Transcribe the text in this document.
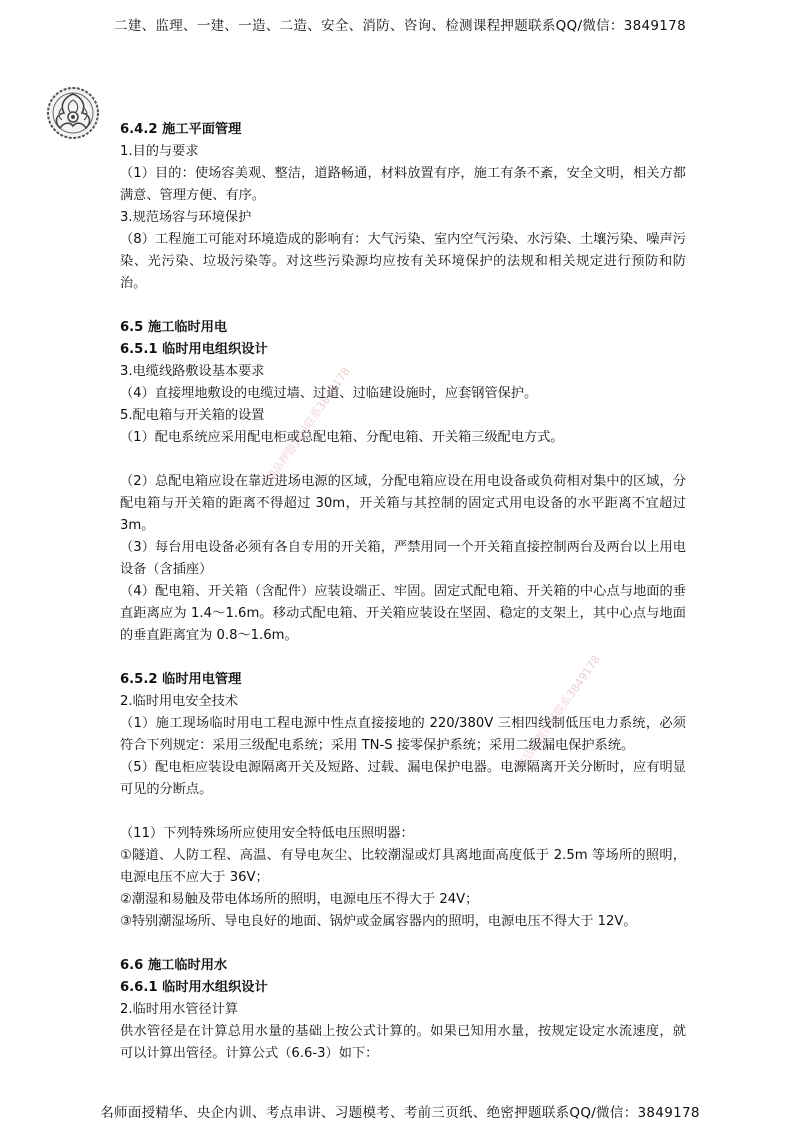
二建、监理、一建、一造、二造、安全、消防、咨询、检测课程押题联系QQ/微信：3849178
精品押题资料联系3849178
精品押题资料联系3849178

6.4.2 施工平面管理

1.目的与要求

（1）目的：使场容美观、整洁，道路畅通，材料放置有序，施工有条不紊，安全文明，相关方都满意、管理方便、有序。

3.规范场容与环境保护

（8）工程施工可能对环境造成的影响有：大气污染、室内空气污染、水污染、土壤污染、噪声污染、光污染、垃圾污染等。对这些污染源均应按有关环境保护的法规和相关规定进行预防和防治。

6.5 施工临时用电

6.5.1 临时用电组织设计

3.电缆线路敷设基本要求

（4）直接埋地敷设的电缆过墙、过道、过临建设施时，应套钢管保护。

5.配电箱与开关箱的设置

（1）配电系统应采用配电柜或总配电箱、分配电箱、开关箱三级配电方式。

（2）总配电箱应设在靠近进场电源的区域，分配电箱应设在用电设备或负荷相对集中的区域，分配电箱与开关箱的距离不得超过 30m，开关箱与其控制的固定式用电设备的水平距离不宜超过 3m。

（3）每台用电设备必须有各自专用的开关箱，严禁用同一个开关箱直接控制两台及两台以上用电设备（含插座）

（4）配电箱、开关箱（含配件）应装设端正、牢固。固定式配电箱、开关箱的中心点与地面的垂直距离应为 1.4～1.6m。移动式配电箱、开关箱应装设在坚固、稳定的支架上，其中心点与地面的垂直距离宜为 0.8～1.6m。

6.5.2 临时用电管理

2.临时用电安全技术

（1）施工现场临时用电工程电源中性点直接接地的 220/380V 三相四线制低压电力系统，必须符合下列规定：采用三级配电系统；采用 TN-S 接零保护系统；采用二级漏电保护系统。

（5）配电柜应装设电源隔离开关及短路、过载、漏电保护电器。电源隔离开关分断时，应有明显可见的分断点。

（11）下列特殊场所应使用安全特低电压照明器：

①隧道、人防工程、高温、有导电灰尘、比较潮湿或灯具离地面高度低于 2.5m 等场所的照明，电源电压不应大于 36V；

②潮湿和易触及带电体场所的照明，电源电压不得大于 24V；

③特别潮湿场所、导电良好的地面、锅炉或金属容器内的照明，电源电压不得大于 12V。

6.6 施工临时用水

6.6.1 临时用水组织设计

2.临时用水管径计算

供水管径是在计算总用水量的基础上按公式计算的。如果已知用水量，按规定设定水流速度，就可以计算出管径。计算公式（6.6-3）如下：

名师面授精华、央企内训、考点串讲、习题模考、考前三页纸、绝密押题联系QQ/微信：3849178
